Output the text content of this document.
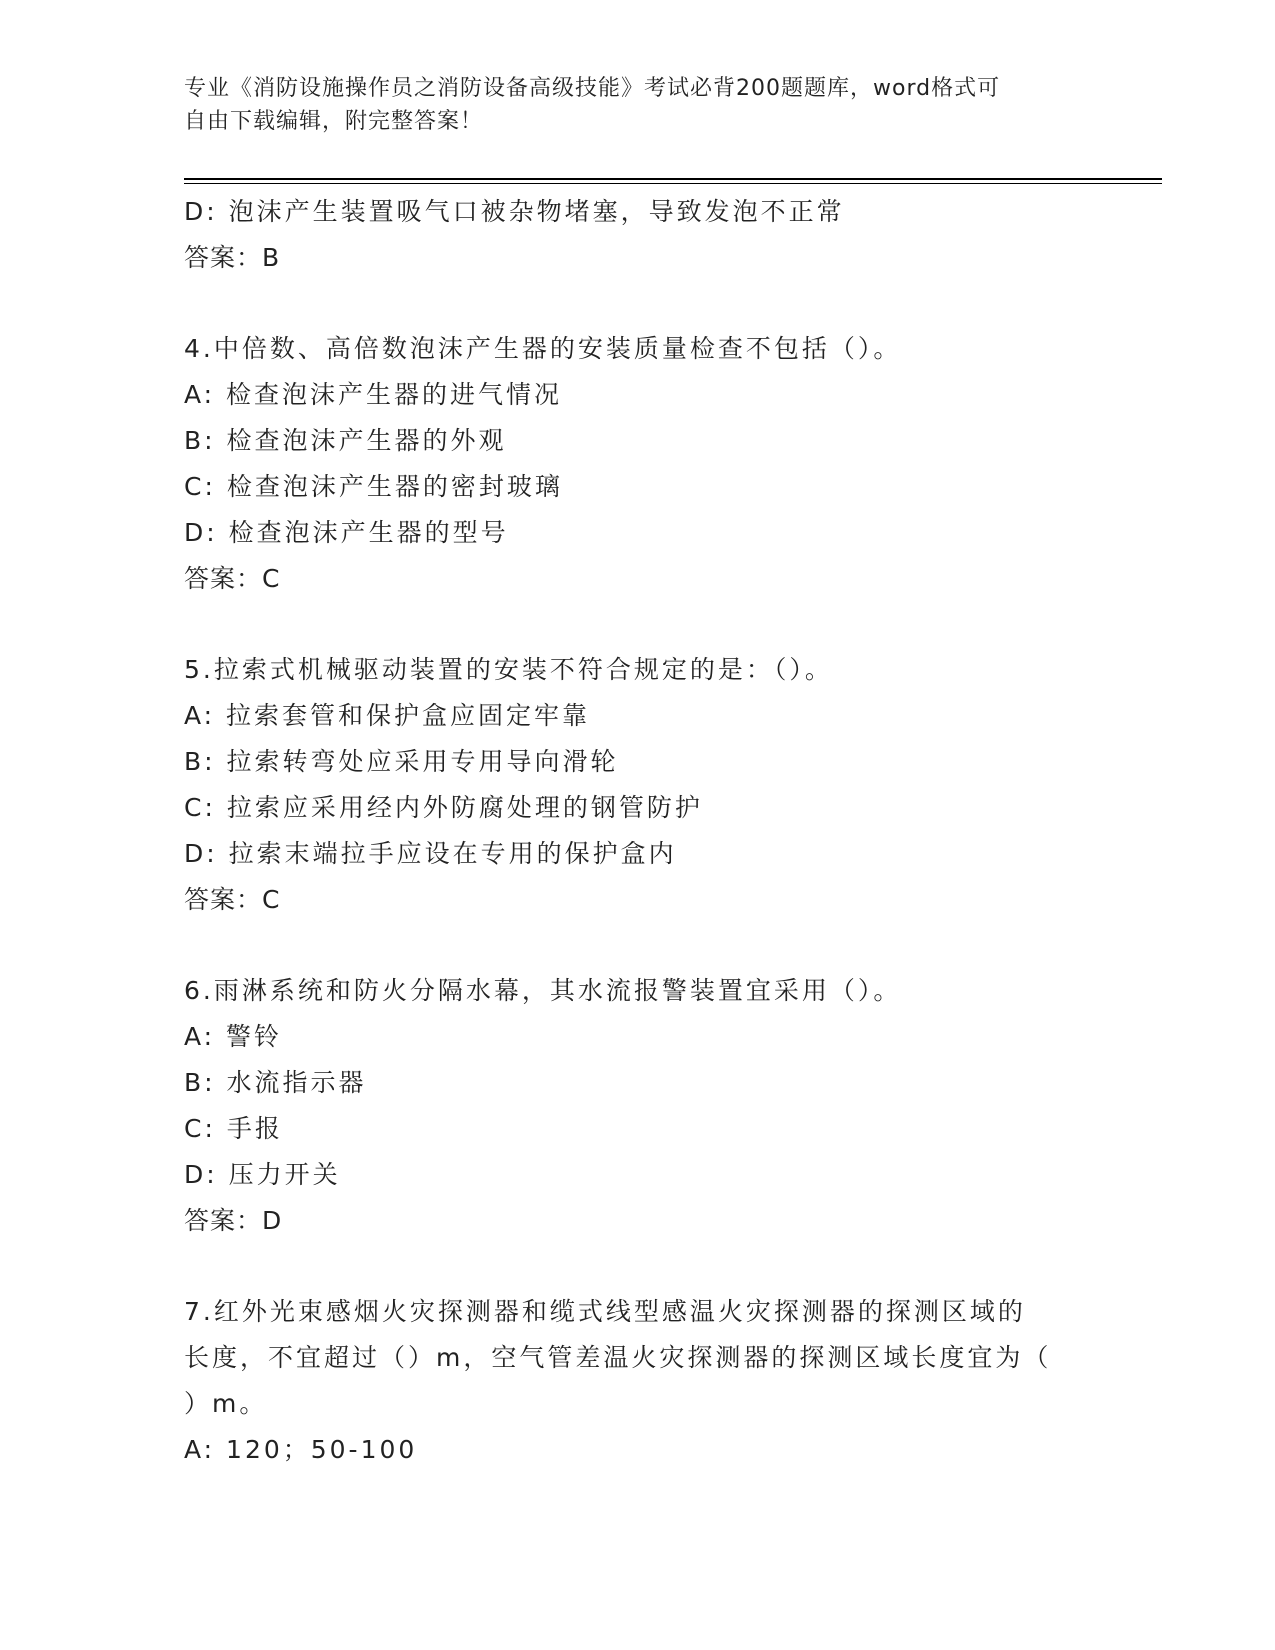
专业《消防设施操作员之消防设备高级技能》考试必背200题题库，word格式可
自由下载编辑，附完整答案！
D: 泡沫产生装置吸气口被杂物堵塞，导致发泡不正常
答案：B
4.中倍数、高倍数泡沫产生器的安装质量检查不包括（）。
A: 检查泡沫产生器的进气情况
B: 检查泡沫产生器的外观
C: 检查泡沫产生器的密封玻璃
D: 检查泡沫产生器的型号
答案：C
5.拉索式机械驱动装置的安装不符合规定的是：（）。
A: 拉索套管和保护盒应固定牢靠
B: 拉索转弯处应采用专用导向滑轮
C: 拉索应采用经内外防腐处理的钢管防护
D: 拉索末端拉手应设在专用的保护盒内
答案：C
6.雨淋系统和防火分隔水幕，其水流报警装置宜采用（）。
A: 警铃
B: 水流指示器
C: 手报
D: 压力开关
答案：D
7.红外光束感烟火灾探测器和缆式线型感温火灾探测器的探测区域的
长度，不宜超过（）m，空气管差温火灾探测器的探测区域长度宜为（
）m。
A: 120；50-100
